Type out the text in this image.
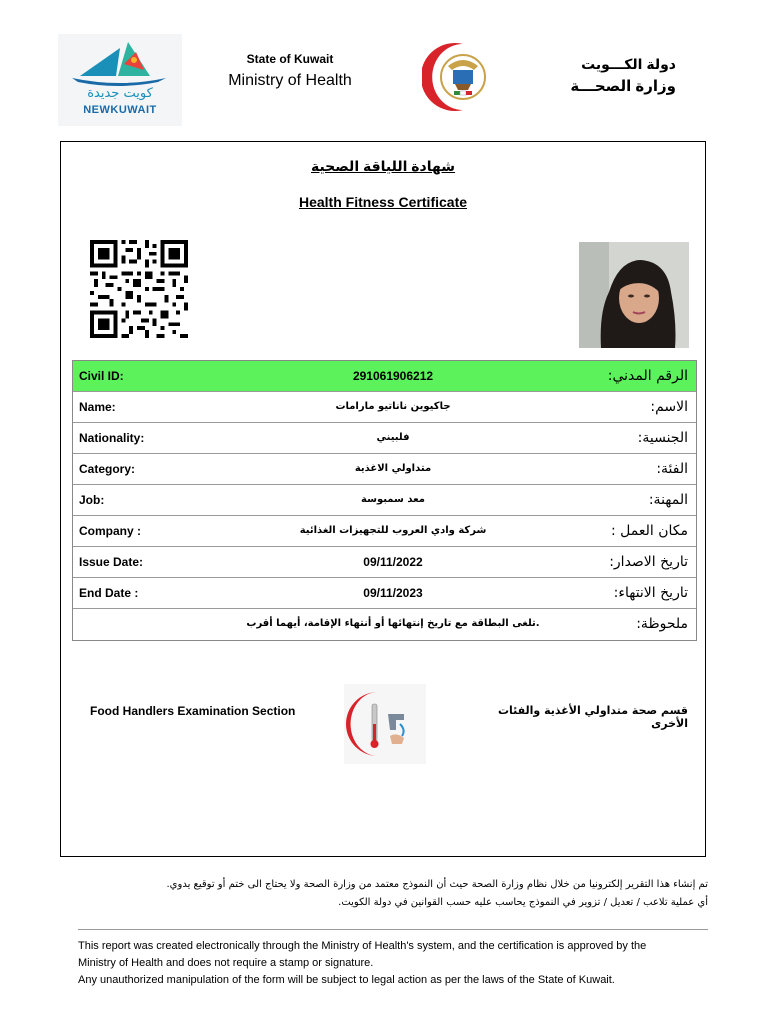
كويت جديدة
NEWKUWAIT
State of Kuwait
Ministry of Health
دولة الكـــويت
وزارة الصحـــة
شهادة اللياقة الصحية
Health Fitness Certificate
Civil ID:	291061906212	الرقم المدني:
Name:	جاكيوين ناناتيو مارامات	الاسم:
Nationality:	فلبيني	الجنسية:
Category:	متداولي الاغذية	الفئة:
Job:	معد سمبوسة	المهنة:
Company :	شركة وادي العروب للتجهيزات الغذائية	مكان العمل :
Issue Date:	09/11/2022	تاريخ الاصدار:
End Date :	09/11/2023	تاريخ الانتهاء:
.تلغى البطاقة مع تاريخ إنتهائها أو أنتهاء الإقامة، أيهما أقرب	ملحوظة:
Food Handlers Examination Section	قسم صحة متداولي الأغذية والفئات الأخرى
تم إنشاء هذا التقرير إلكترونيا من خلال نظام وزارة الصحة حيث أن النموذج معتمد من وزارة الصحة ولا يحتاج الى ختم أو توقيع يدوي.
أي عملية تلاعب / تعديل / تزوير في النموذج يحاسب عليه حسب القوانين في دولة الكويت.
This report was created electronically through the Ministry of Health's system, and the certification is approved by the
Ministry of Health and does not require a stamp or signature.
Any unauthorized manipulation of the form will be subject to legal action as per the laws of the State of Kuwait.
